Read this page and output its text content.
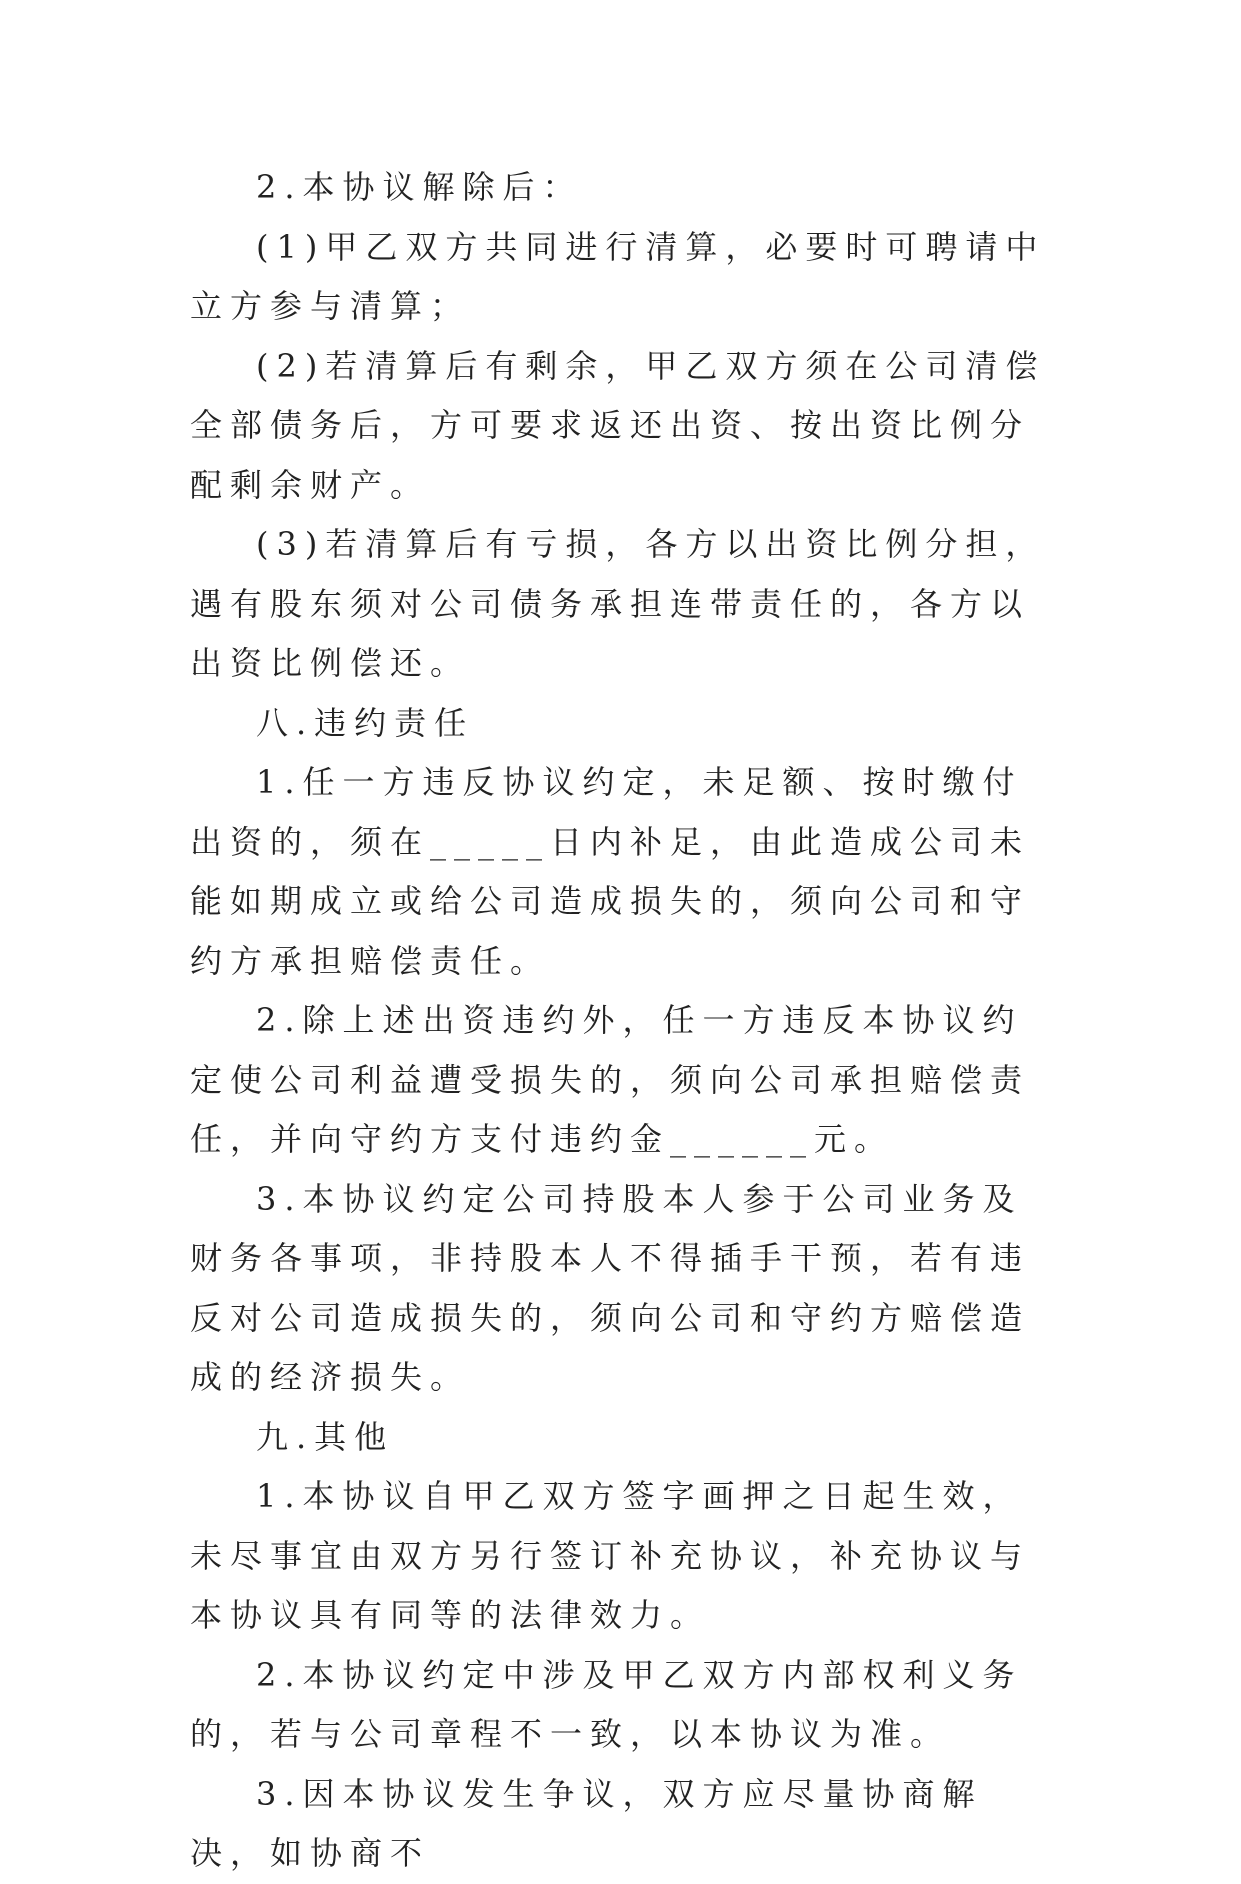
2.本协议解除后：

(1)甲乙双方共同进行清算，必要时可聘请中立方参与清算；

(2)若清算后有剩余，甲乙双方须在公司清偿全部债务后，方可要求返还出资、按出资比例分配剩余财产。

(3)若清算后有亏损，各方以出资比例分担，遇有股东须对公司债务承担连带责任的，各方以出资比例偿还。

八.违约责任

1.任一方违反协议约定，未足额、按时缴付出资的，须在_____日内补足，由此造成公司未能如期成立或给公司造成损失的，须向公司和守约方承担赔偿责任。

2.除上述出资违约外，任一方违反本协议约定使公司利益遭受损失的，须向公司承担赔偿责任，并向守约方支付违约金______元。

3.本协议约定公司持股本人参于公司业务及财务各事项，非持股本人不得插手干预，若有违反对公司造成损失的，须向公司和守约方赔偿造成的经济损失。

九.其他

1.本协议自甲乙双方签字画押之日起生效，未尽事宜由双方另行签订补充协议，补充协议与本协议具有同等的法律效力。

2.本协议约定中涉及甲乙双方内部权利义务的，若与公司章程不一致，以本协议为准。

3.因本协议发生争议，双方应尽量协商解决，如协商不
